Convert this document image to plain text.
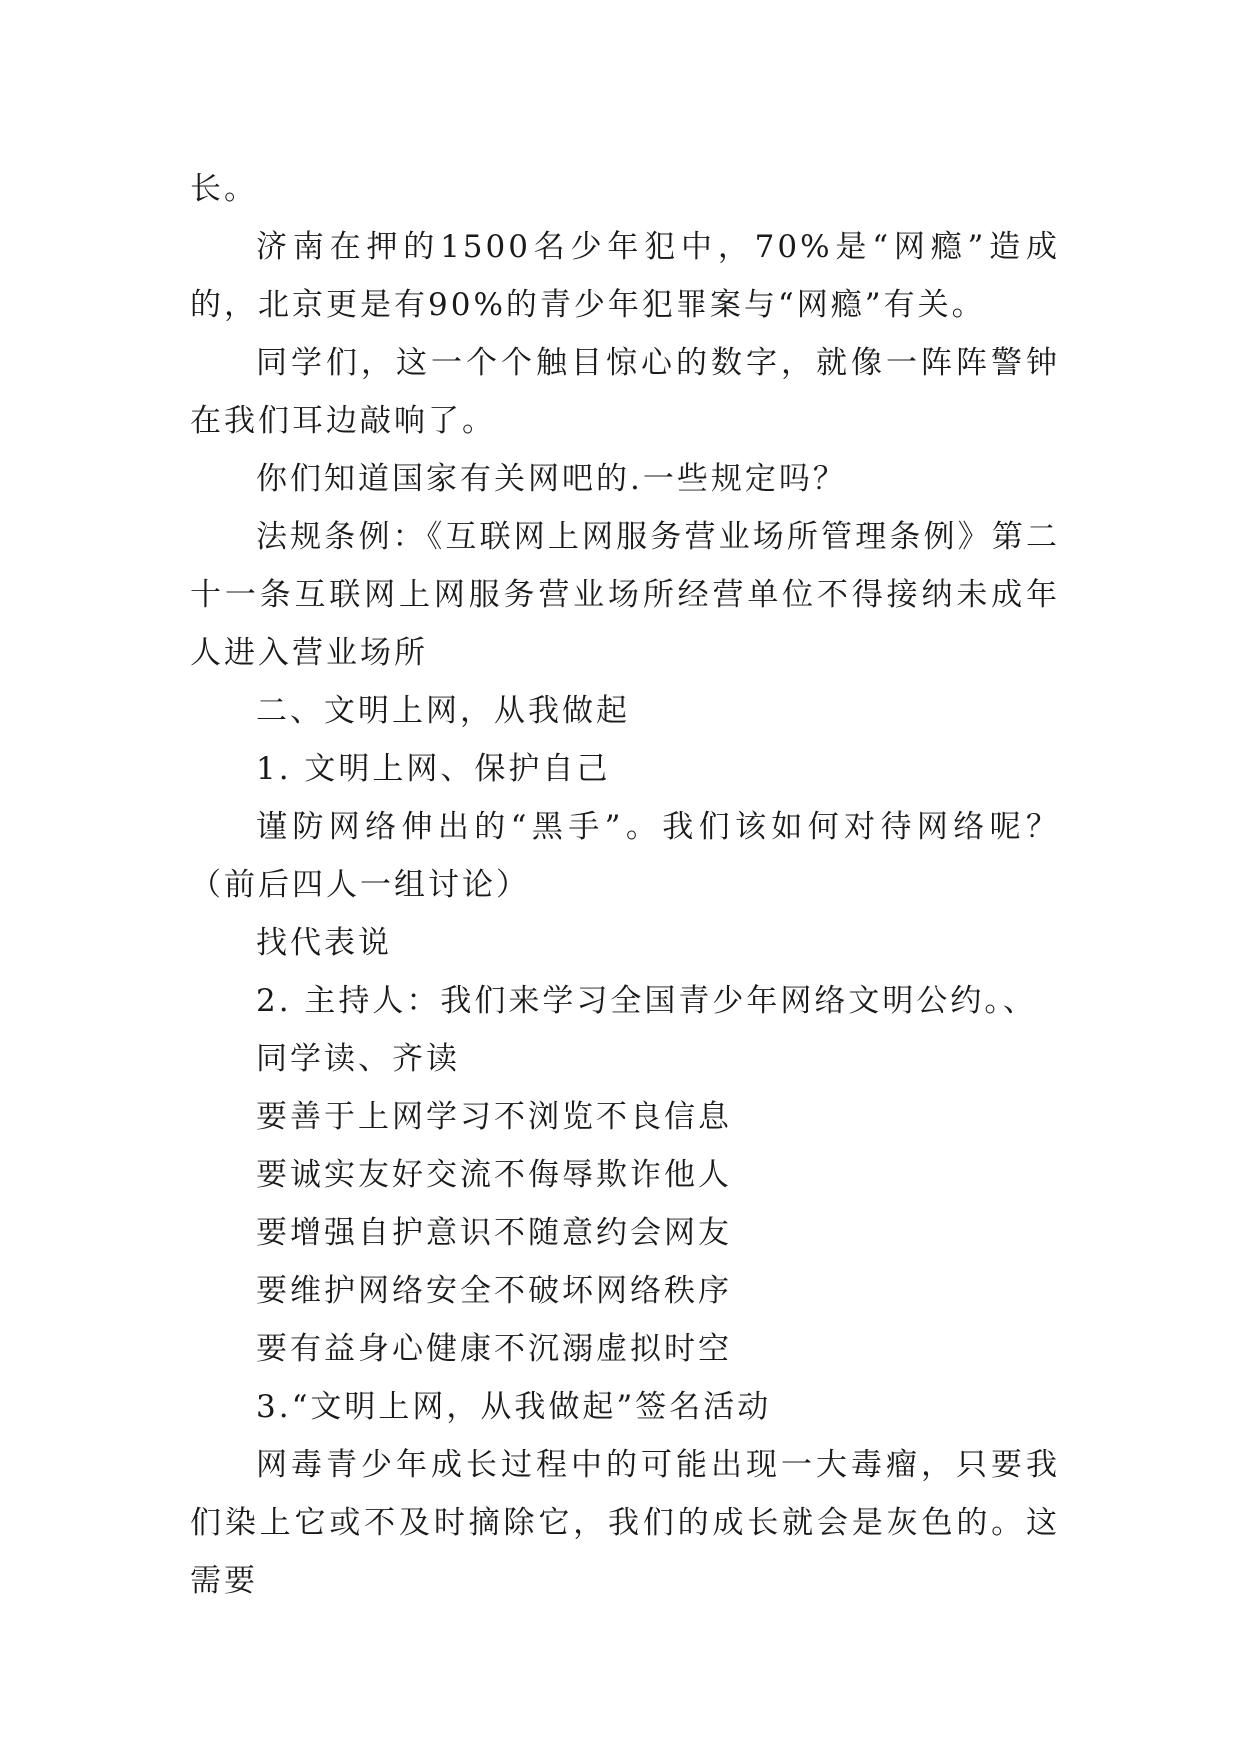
长。

济南在押的1500名少年犯中，70%是“网瘾”造成的，北京更是有90%的青少年犯罪案与“网瘾”有关。

同学们，这一个个触目惊心的数字，就像一阵阵警钟在我们耳边敲响了。

你们知道国家有关网吧的.一些规定吗？

法规条例：《互联网上网服务营业场所管理条例》第二十一条互联网上网服务营业场所经营单位不得接纳未成年人进入营业场所

二、文明上网，从我做起

1. 文明上网、保护自己

谨防网络伸出的“黑手”。我们该如何对待网络呢？（前后四人一组讨论）

找代表说

2. 主持人：我们来学习全国青少年网络文明公约。、

同学读、齐读

要善于上网学习不浏览不良信息

要诚实友好交流不侮辱欺诈他人

要增强自护意识不随意约会网友

要维护网络安全不破坏网络秩序

要有益身心健康不沉溺虚拟时空

3.“文明上网，从我做起”签名活动

网毒青少年成长过程中的可能出现一大毒瘤，只要我们染上它或不及时摘除它，我们的成长就会是灰色的。这需要
